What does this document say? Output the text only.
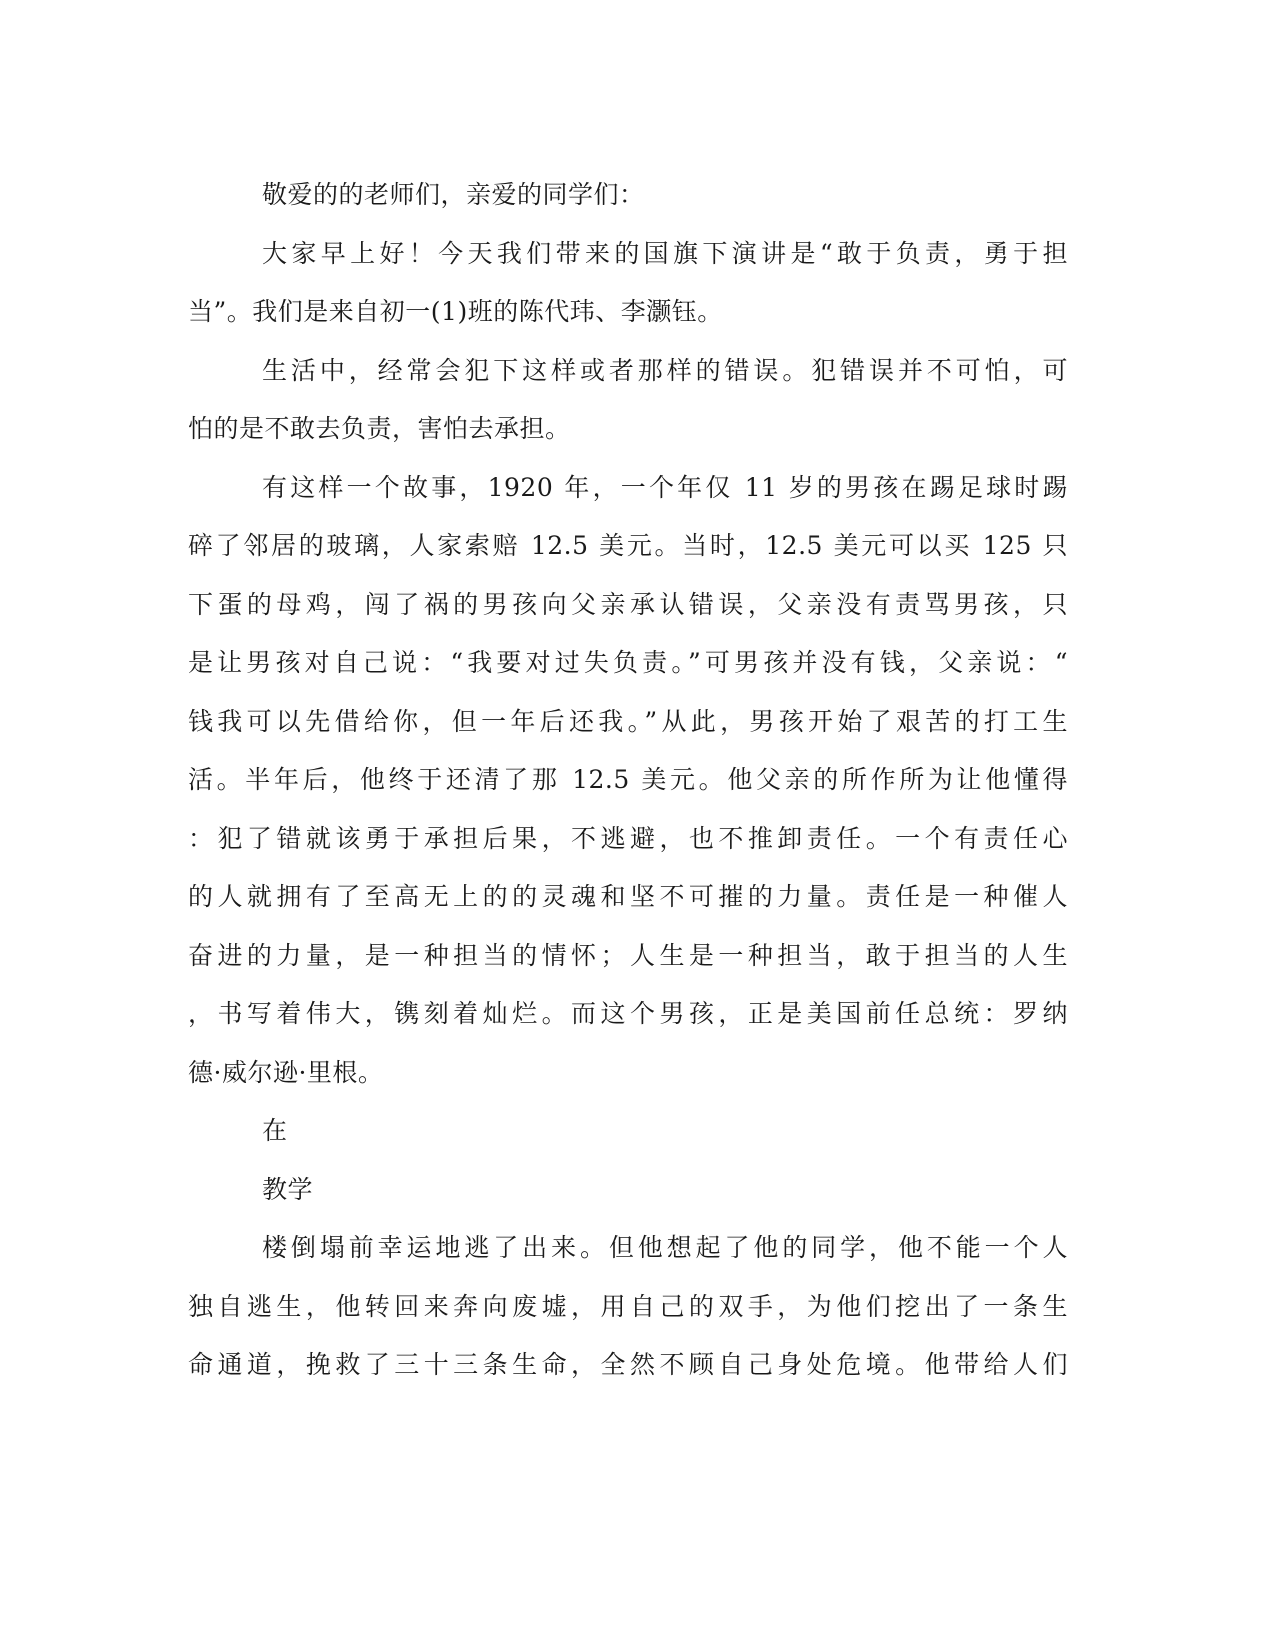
敬爱的的老师们，亲爱的同学们：
大家早上好！今天我们带来的国旗下演讲是“敢于负责，勇于担
当”。我们是来自初一(1)班的陈代玮、李灏钰。
生活中，经常会犯下这样或者那样的错误。犯错误并不可怕，可
怕的是不敢去负责，害怕去承担。
有这样一个故事，1920 年，一个年仅 11 岁的男孩在踢足球时踢
碎了邻居的玻璃，人家索赔 12.5 美元。当时，12.5 美元可以买 125 只
下蛋的母鸡，闯了祸的男孩向父亲承认错误，父亲没有责骂男孩，只
是让男孩对自己说：“我要对过失负责。”可男孩并没有钱，父亲说：“
钱我可以先借给你，但一年后还我。”从此，男孩开始了艰苦的打工生
活。半年后，他终于还清了那 12.5 美元。他父亲的所作所为让他懂得
：犯了错就该勇于承担后果，不逃避，也不推卸责任。一个有责任心
的人就拥有了至高无上的的灵魂和坚不可摧的力量。责任是一种催人
奋进的力量，是一种担当的情怀；人生是一种担当，敢于担当的人生
，书写着伟大，镌刻着灿烂。而这个男孩，正是美国前任总统：罗纳
德·威尔逊·里根。
在
教学
楼倒塌前幸运地逃了出来。但他想起了他的同学，他不能一个人
独自逃生，他转回来奔向废墟，用自己的双手，为他们挖出了一条生
命通道，挽救了三十三条生命，全然不顾自己身处危境。他带给人们
